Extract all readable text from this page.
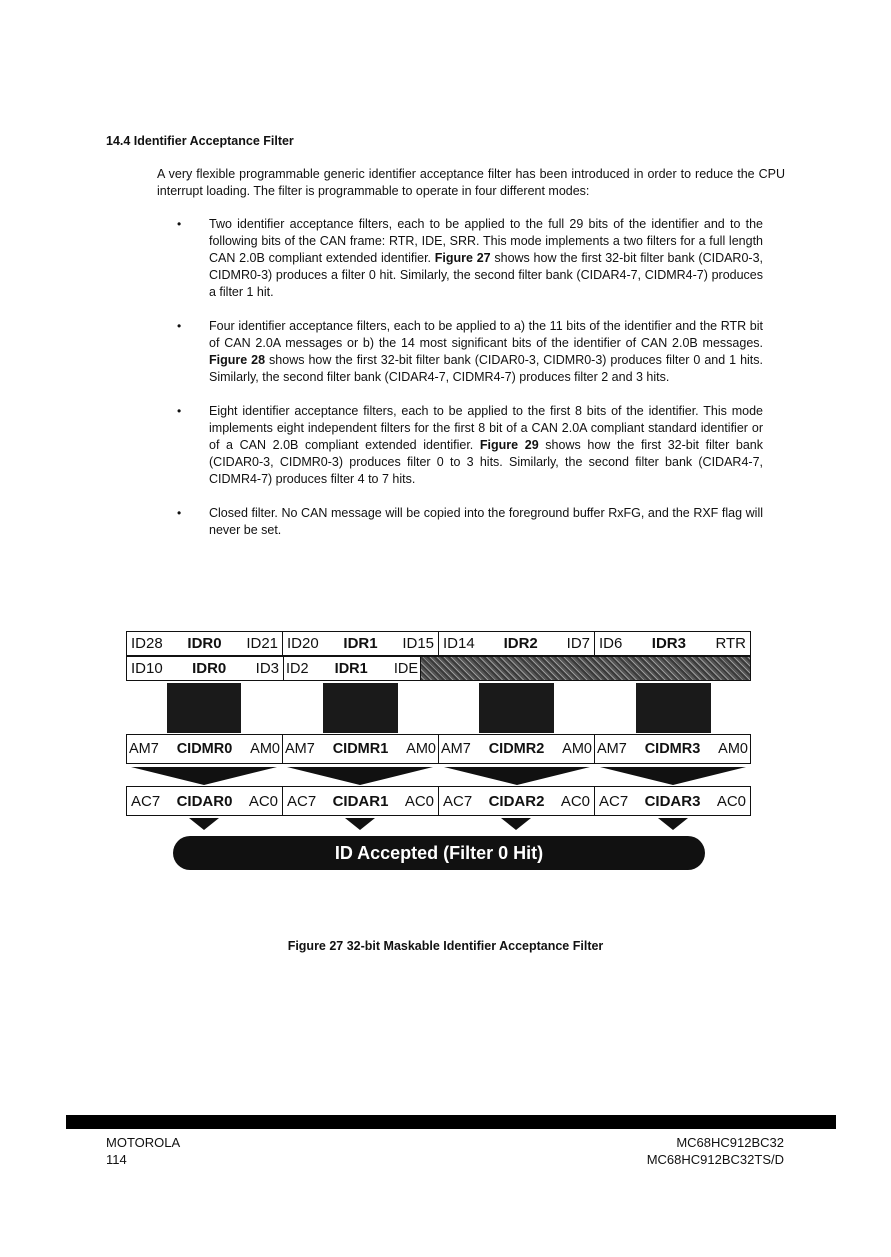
14.4 Identifier Acceptance Filter
A very flexible programmable generic identifier acceptance filter has been introduced in order to reduce the CPU interrupt loading. The filter is programmable to operate in four different modes:
• Two identifier acceptance filters, each to be applied to the full 29 bits of the identifier and to the following bits of the CAN frame: RTR, IDE, SRR. This mode implements a two filters for a full length CAN 2.0B compliant extended identifier. Figure 27 shows how the first 32-bit filter bank (CIDAR0-3, CIDMR0-3) produces a filter 0 hit. Similarly, the second filter bank (CIDAR4-7, CIDMR4-7) produces a filter 1 hit.
• Four identifier acceptance filters, each to be applied to a) the 11 bits of the identifier and the RTR bit of CAN 2.0A messages or b) the 14 most significant bits of the identifier of CAN 2.0B messages. Figure 28 shows how the first 32-bit filter bank (CIDAR0-3, CIDMR0-3) produces filter 0 and 1 hits. Similarly, the second filter bank (CIDAR4-7, CIDMR4-7) produces filter 2 and 3 hits.
• Eight identifier acceptance filters, each to be applied to the first 8 bits of the identifier. This mode implements eight independent filters for the first 8 bit of a CAN 2.0A compliant standard identifier or of a CAN 2.0B compliant extended identifier. Figure 29 shows how the first 32-bit filter bank (CIDAR0-3, CIDMR0-3) produces filter 0 to 3 hits. Similarly, the second filter bank (CIDAR4-7, CIDMR4-7) produces filter 4 to 7 hits.
• Closed filter. No CAN message will be copied into the foreground buffer RxFG, and the RXF flag will never be set.
ID28 IDR0 ID21 ID20 IDR1 ID15 ID14 IDR2 ID7 ID6 IDR3 RTR
ID10 IDR0 ID3 ID2 IDR1 IDE
AM7 CIDMR0 AM0 AM7 CIDMR1 AM0 AM7 CIDMR2 AM0 AM7 CIDMR3 AM0
AC7 CIDAR0 AC0 AC7 CIDAR1 AC0 AC7 CIDAR2 AC0 AC7 CIDAR3 AC0
ID Accepted (Filter 0 Hit)
Figure 27 32-bit Maskable Identifier Acceptance Filter
MOTOROLA
114
MC68HC912BC32
MC68HC912BC32TS/D
